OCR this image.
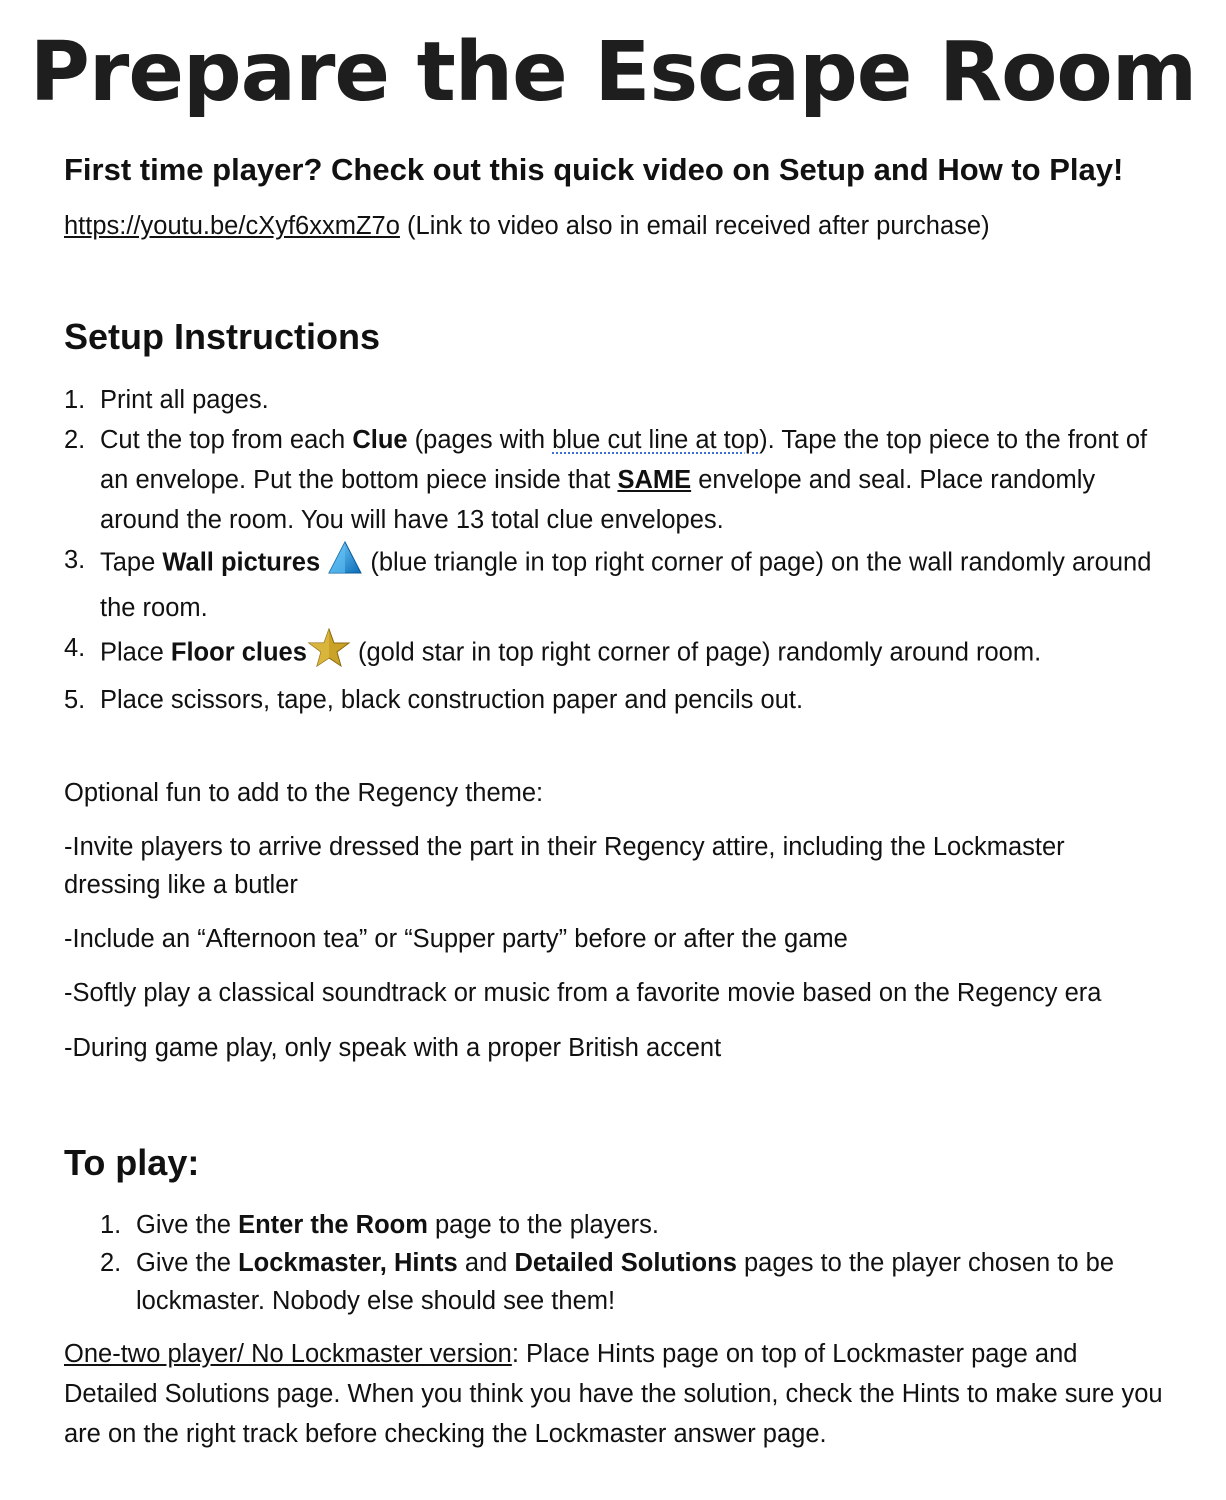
Prepare the Escape Room
First time player? Check out this quick video on Setup and How to Play!
https://youtu.be/cXyf6xxmZ7o (Link to video also in email received after purchase)
Setup Instructions
1. Print all pages.
2. Cut the top from each Clue (pages with blue cut line at top). Tape the top piece to the front of an envelope. Put the bottom piece inside that SAME envelope and seal. Place randomly around the room. You will have 13 total clue envelopes.
3. Tape Wall pictures  (blue triangle in top right corner of page) on the wall randomly around the room.
4. Place Floor clues (gold star in top right corner of page) randomly around room.
5. Place scissors, tape, black construction paper and pencils out.

Optional fun to add to the Regency theme:

-Invite players to arrive dressed the part in their Regency attire, including the Lockmaster dressing like a butler

-Include an “Afternoon tea” or “Supper party” before or after the game

-Softly play a classical soundtrack or music from a favorite movie based on the Regency era

-During game play, only speak with a proper British accent

To play:
1. Give the Enter the Room page to the players.
2. Give the Lockmaster, Hints and Detailed Solutions pages to the player chosen to be lockmaster. Nobody else should see them!

One-two player/ No Lockmaster version: Place Hints page on top of Lockmaster page and Detailed Solutions page. When you think you have the solution, check the Hints to make sure you are on the right track before checking the Lockmaster answer page.
